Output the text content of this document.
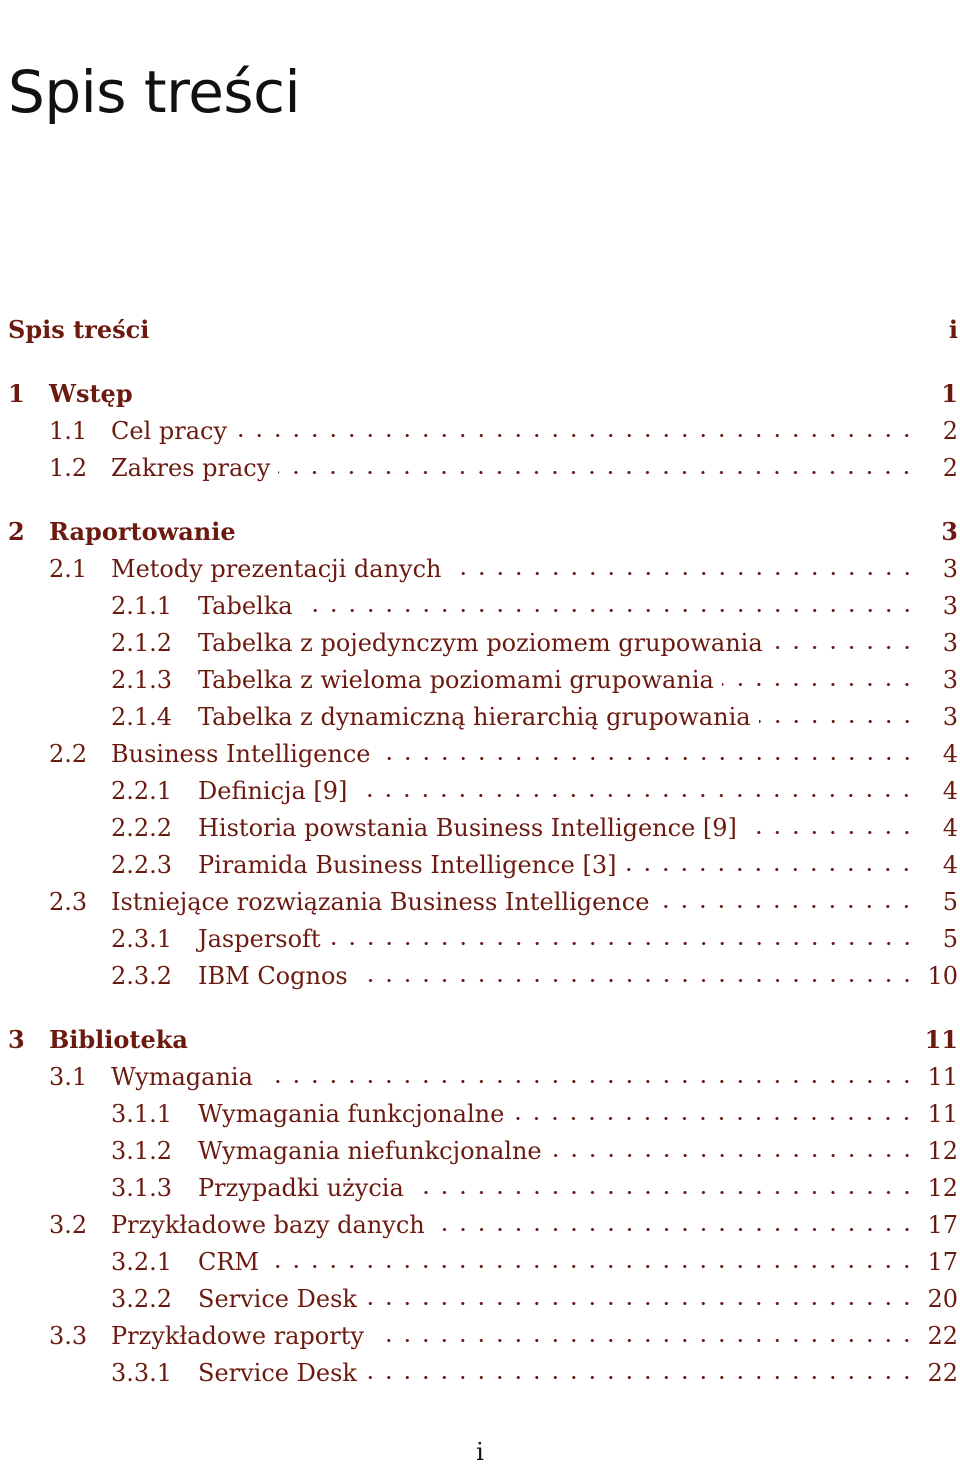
Spis treści
Spis treści	i
1	Wstęp	1
1.1 Cel pracy	2
1.2 Zakres pracy	2
2	Raportowanie	3
2.1 Metody prezentacji danych	3
2.1.1	Tabelka	3
2.1.2	Tabelka z pojedynczym poziomem grupowania	3
2.1.3	Tabelka z wieloma poziomami grupowania	3
2.1.4	Tabelka z dynamiczną hierarchią grupowania	3
2.2 Business Intelligence	4
2.2.1	Definicja [9]	4
2.2.2	Historia powstania Business Intelligence [9]	4
2.2.3	Piramida Business Intelligence [3]	4
2.3 Istniejące rozwiązania Business Intelligence	5
2.3.1	Jaspersoft	5
2.3.2	IBM Cognos	10
3	Biblioteka	11
3.1 Wymagania	11
3.1.1	Wymagania funkcjonalne	11
3.1.2	Wymagania niefunkcjonalne	12
3.1.3	Przypadki użycia	12
3.2 Przykładowe bazy danych	17
3.2.1	CRM	17
3.2.2	Service Desk	20
3.3 Przykładowe raporty	22
3.3.1	Service Desk	22
i
